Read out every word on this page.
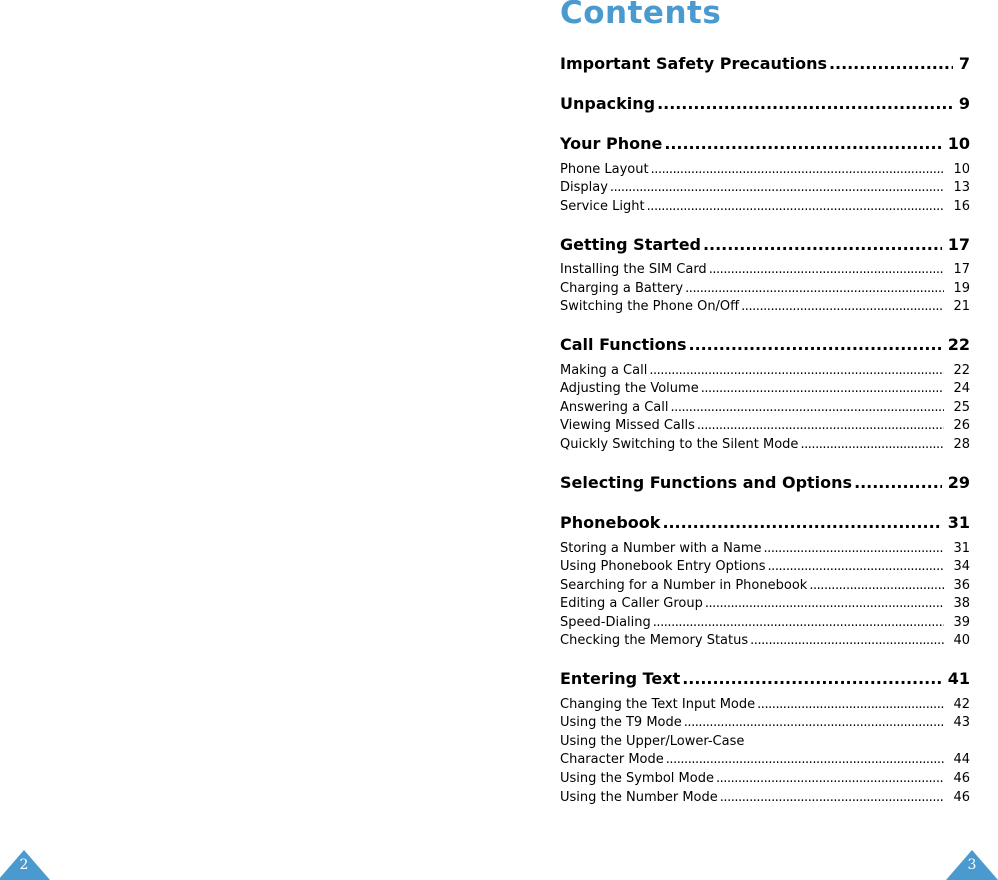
Contents
Important Safety Precautions . . .	7
Unpacking . . .	9
Your Phone . . .	10
Phone Layout . . .	10
Display . . .	13
Service Light . . .	16
Getting Started . . .	17
Installing the SIM Card . . .	17
Charging a Battery . . .	19
Switching the Phone On/Off . . .	21
Call Functions . . .	22
Making a Call . . .	22
Adjusting the Volume . . .	24
Answering a Call . . .	25
Viewing Missed Calls . . .	26
Quickly Switching to the Silent Mode . . .	28
Selecting Functions and Options . . .	29
Phonebook . . .	31
Storing a Number with a Name . . .	31
Using Phonebook Entry Options . . .	34
Searching for a Number in Phonebook . . .	36
Editing a Caller Group . . .	38
Speed-Dialing . . .	39
Checking the Memory Status . . .	40
Entering Text . . .	41
Changing the Text Input Mode . . .	42
Using the T9 Mode . . .	43
Using the Upper/Lower-Case
Character Mode . . .	44
Using the Symbol Mode . . .	46
Using the Number Mode . . .	46
2	3
